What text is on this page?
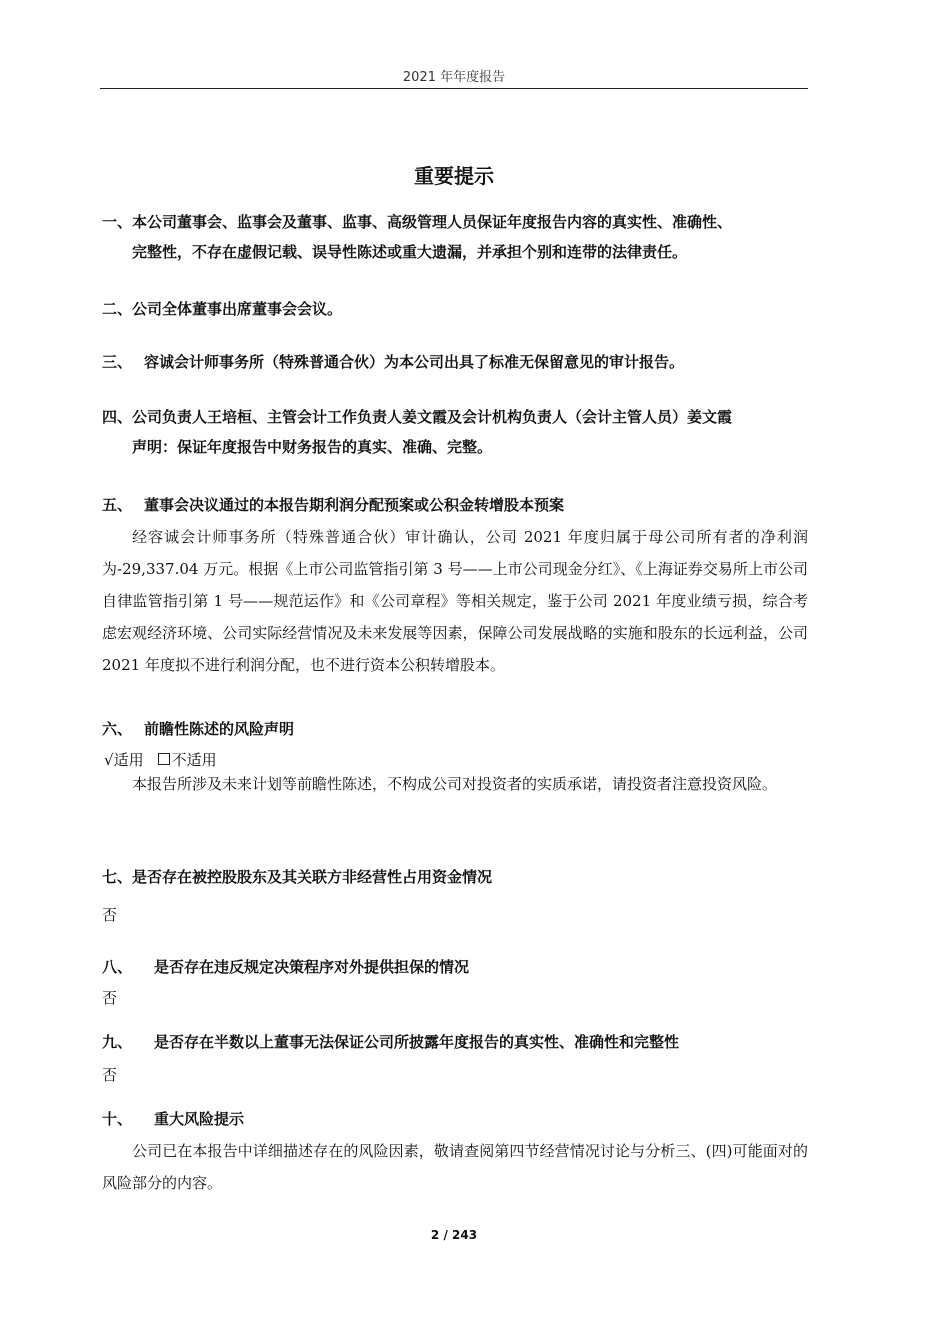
2021 年年度报告
重要提示
一、本公司董事会、监事会及董事、监事、高级管理人员保证年度报告内容的真实性、准确性、
完整性，不存在虚假记载、误导性陈述或重大遗漏，并承担个别和连带的法律责任。
二、公司全体董事出席董事会会议。
三、 容诚会计师事务所（特殊普通合伙）为本公司出具了标准无保留意见的审计报告。
四、公司负责人王培桓、主管会计工作负责人姜文霞及会计机构负责人（会计主管人员）姜文霞
声明：保证年度报告中财务报告的真实、准确、完整。
五、 董事会决议通过的本报告期利润分配预案或公积金转增股本预案
经容诚会计师事务所（特殊普通合伙）审计确认，公司 2021 年度归属于母公司所有者的净利润为-29,337.04 万元。根据《上市公司监管指引第 3 号——上市公司现金分红》、《上海证券交易所上市公司自律监管指引第 1 号——规范运作》和《公司章程》等相关规定，鉴于公司 2021 年度业绩亏损，综合考虑宏观经济环境、公司实际经营情况及未来发展等因素，保障公司发展战略的实施和股东的长远利益，公司 2021 年度拟不进行利润分配，也不进行资本公积转增股本。
六、 前瞻性陈述的风险声明
√适用 不适用
本报告所涉及未来计划等前瞻性陈述，不构成公司对投资者的实质承诺，请投资者注意投资风险。
七、是否存在被控股股东及其关联方非经营性占用资金情况
否
八、 是否存在违反规定决策程序对外提供担保的情况
否
九、 是否存在半数以上董事无法保证公司所披露年度报告的真实性、准确性和完整性
否
十、 重大风险提示
公司已在本报告中详细描述存在的风险因素，敬请查阅第四节经营情况讨论与分析三、(四)可能面对的风险部分的内容。
2 / 243
